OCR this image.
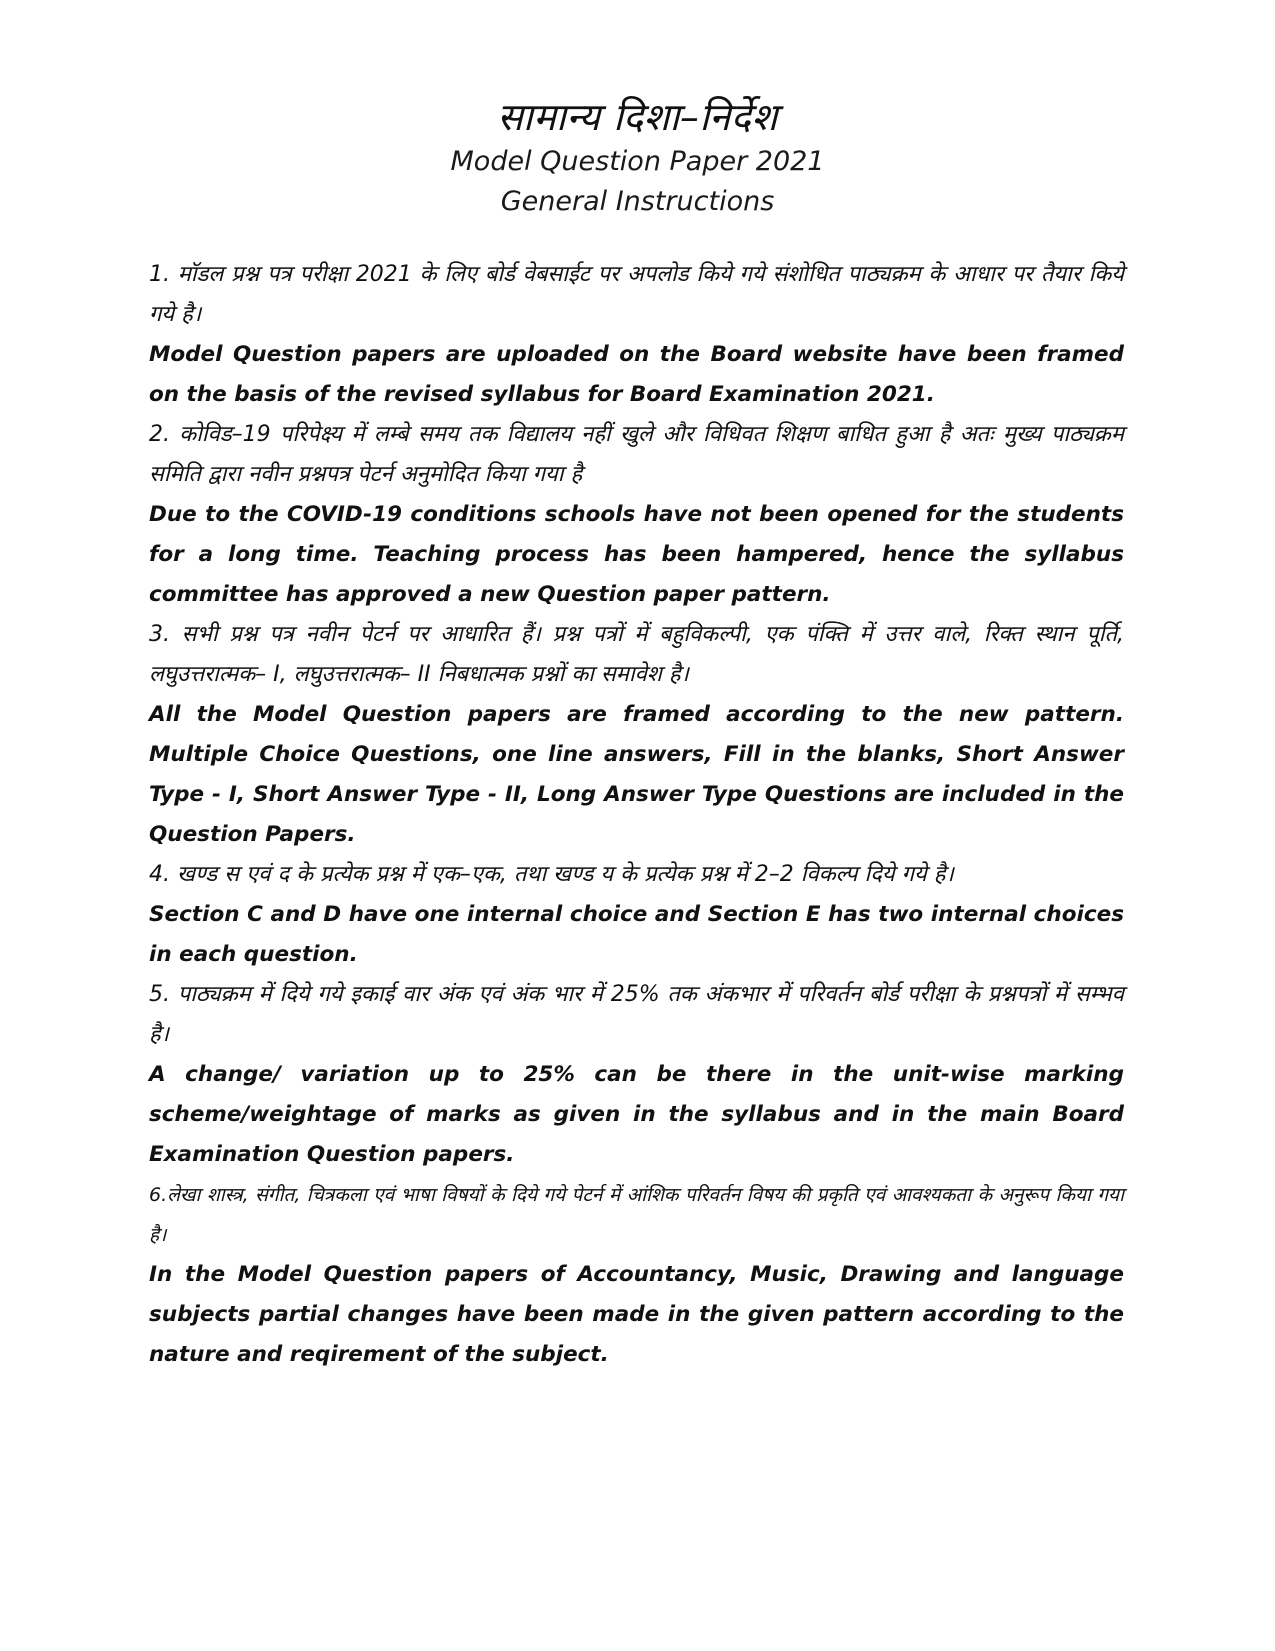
सामान्य दिशा–निर्देश
Model Question Paper 2021
General Instructions

1. मॉडल प्रश्न पत्र परीक्षा 2021 के लिए बोर्ड वेबसाईट पर अपलोड किये गये संशोधित पाठ्यक्रम के आधार पर तैयार किये गये है।

Model Question papers are uploaded on the Board website have been framed on the basis of the revised syllabus for Board Examination 2021.

2. कोविड–19 परिपेक्ष्य में लम्बे समय तक विद्यालय नहीं खुले और विधिवत शिक्षण बाधित हुआ है अतः मुख्य पाठ्यक्रम समिति द्वारा नवीन प्रश्नपत्र पेटर्न अनुमोदित किया गया है

Due to the COVID-19 conditions schools have not been opened for the students for a long time. Teaching process has been hampered, hence the syllabus committee has approved a new Question paper pattern.

3. सभी प्रश्न पत्र नवीन पेटर्न पर आधारित हैं। प्रश्न पत्रों में बहुविकल्पी, एक पंक्ति में उत्तर वाले, रिक्त स्थान पूर्ति, लघुउत्तरात्मक– I, लघुउत्तरात्मक– II निबधात्मक प्रश्नों का समावेश है।

All the Model Question papers are framed according to the new pattern. Multiple Choice Questions, one line answers, Fill in the blanks, Short Answer Type - I, Short Answer Type - II, Long Answer Type Questions are included in the Question Papers.

4. खण्ड स एवं द के प्रत्येक प्रश्न में एक–एक, तथा खण्ड य के प्रत्येक प्रश्न में 2–2 विकल्प दिये गये है।

Section C and D have one internal choice and Section E has two internal choices in each question.

5. पाठ्यक्रम में दिये गये इकाई वार अंक एवं अंक भार में 25% तक अंकभार में परिवर्तन बोर्ड परीक्षा के प्रश्नपत्रों में सम्भव है।

A change/ variation up to 25% can be there in the unit-wise marking scheme/weightage of marks as given in the syllabus and in the main Board Examination Question papers.

6.लेखा शास्त्र, संगीत, चित्रकला एवं भाषा विषयों के दिये गये पेटर्न में आंशिक परिवर्तन विषय की प्रकृति एवं आवश्यकता के अनुरूप किया गया है।

In the Model Question papers of Accountancy, Music, Drawing and language subjects partial changes have been made in the given pattern according to the nature and reqirement of the subject.
